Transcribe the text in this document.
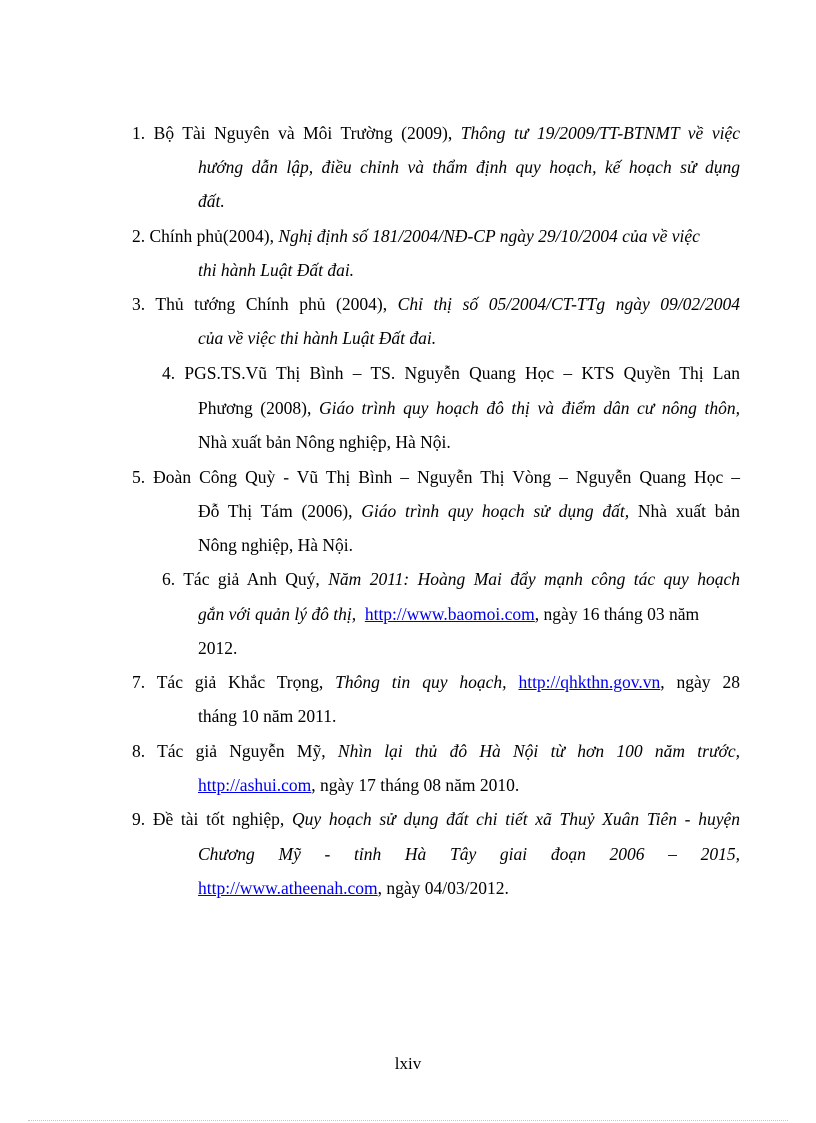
1. Bộ Tài Nguyên và Môi Trường (2009), Thông tư 19/2009/TT-BTNMT về việc
hướng dẫn lập, điều chỉnh và thẩm định quy hoạch, kế hoạch sử dụng
đất.
2. Chính phủ(2004), Nghị định số 181/2004/NĐ-CP ngày 29/10/2004 của về việc
thi hành Luật Đất đai.
3. Thủ tướng Chính phủ (2004), Chỉ thị số 05/2004/CT-TTg ngày 09/02/2004
của về việc thi hành Luật Đất đai.
4. PGS.TS.Vũ Thị Bình – TS. Nguyễn Quang Học – KTS Quyền Thị Lan
Phương (2008), Giáo trình quy hoạch đô thị và điểm dân cư nông thôn,
Nhà xuất bản Nông nghiệp, Hà Nội.
5. Đoàn Công Quỳ - Vũ Thị Bình – Nguyễn Thị Vòng – Nguyễn Quang Học –
Đỗ Thị Tám (2006), Giáo trình quy hoạch sử dụng đất, Nhà xuất bản
Nông nghiệp, Hà Nội.
6. Tác giả Anh Quý, Năm 2011: Hoàng Mai đẩy mạnh công tác quy hoạch
gắn với quản lý đô thị, http://www.baomoi.com, ngày 16 tháng 03 năm
2012.
7. Tác giả Khắc Trọng, Thông tin quy hoạch, http://qhkthn.gov.vn, ngày 28
tháng 10 năm 2011.
8. Tác giả Nguyễn Mỹ, Nhìn lại thủ đô Hà Nội từ hơn 100 năm trước,
http://ashui.com, ngày 17 tháng 08 năm 2010.
9. Đề tài tốt nghiệp, Quy hoạch sử dụng đất chi tiết xã Thuỷ Xuân Tiên - huyện
Chương Mỹ - tỉnh Hà Tây giai đoạn 2006 – 2015,
http://www.atheenah.com, ngày 04/03/2012.
lxiv
